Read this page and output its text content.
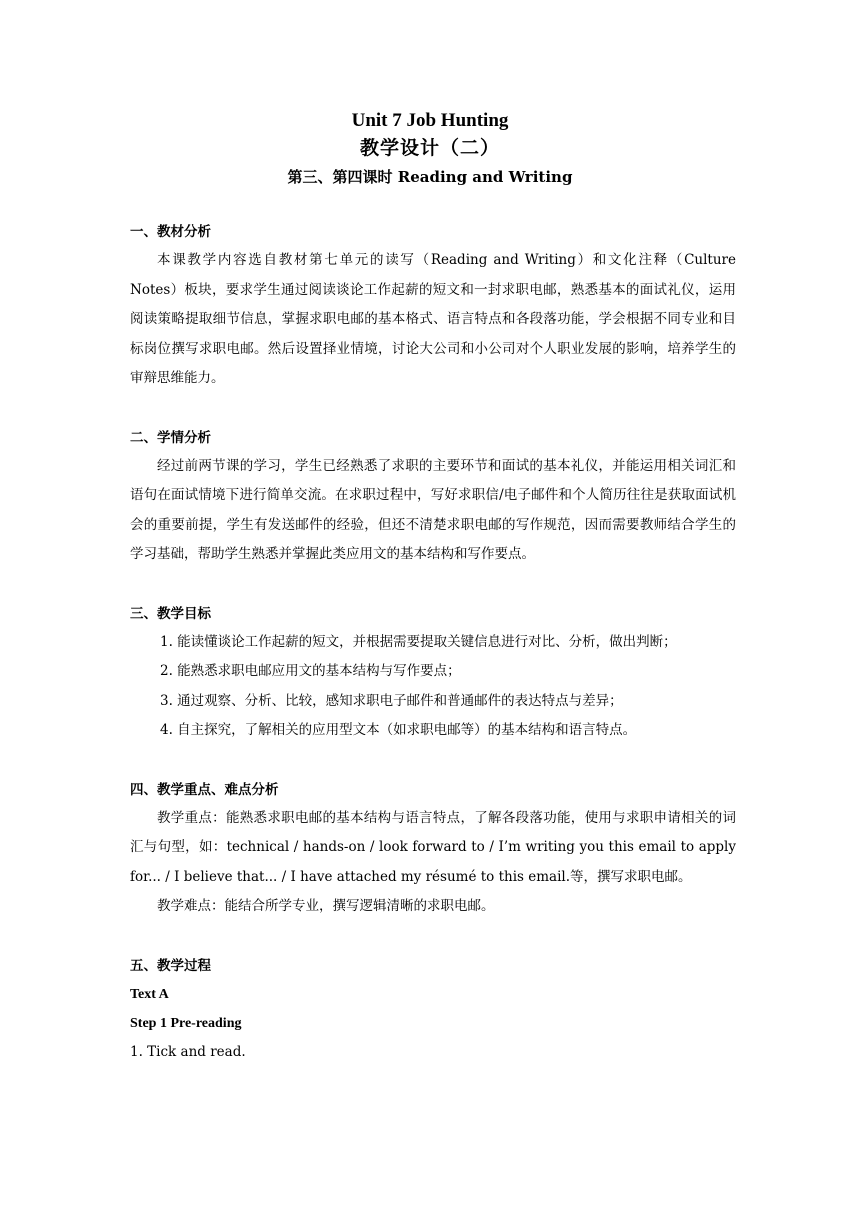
Unit 7 Job Hunting
教学设计（二）
第三、第四课时 Reading and Writing

一、教材分析

本课教学内容选自教材第七单元的读写（Reading and Writing）和文化注释（Culture Notes）板块，要求学生通过阅读谈论工作起薪的短文和一封求职电邮，熟悉基本的面试礼仪，运用阅读策略提取细节信息，掌握求职电邮的基本格式、语言特点和各段落功能，学会根据不同专业和目标岗位撰写求职电邮。然后设置择业情境，讨论大公司和小公司对个人职业发展的影响，培养学生的审辩思维能力。

二、学情分析

经过前两节课的学习，学生已经熟悉了求职的主要环节和面试的基本礼仪，并能运用相关词汇和语句在面试情境下进行简单交流。在求职过程中，写好求职信/电子邮件和个人简历往往是获取面试机会的重要前提，学生有发送邮件的经验，但还不清楚求职电邮的写作规范，因而需要教师结合学生的学习基础，帮助学生熟悉并掌握此类应用文的基本结构和写作要点。

三、教学目标

1. 能读懂谈论工作起薪的短文，并根据需要提取关键信息进行对比、分析，做出判断；

2. 能熟悉求职电邮应用文的基本结构与写作要点；

3. 通过观察、分析、比较，感知求职电子邮件和普通邮件的表达特点与差异；

4. 自主探究，了解相关的应用型文本（如求职电邮等）的基本结构和语言特点。

四、教学重点、难点分析

教学重点：能熟悉求职电邮的基本结构与语言特点，了解各段落功能，使用与求职申请相关的词汇与句型，如：technical / hands-on / look forward to / I’m writing you this email to apply for... / I believe that... / I have attached my résumé to this email.等，撰写求职电邮。

教学难点：能结合所学专业，撰写逻辑清晰的求职电邮。

五、教学过程

Text A

Step 1 Pre-reading

1. Tick and read.
